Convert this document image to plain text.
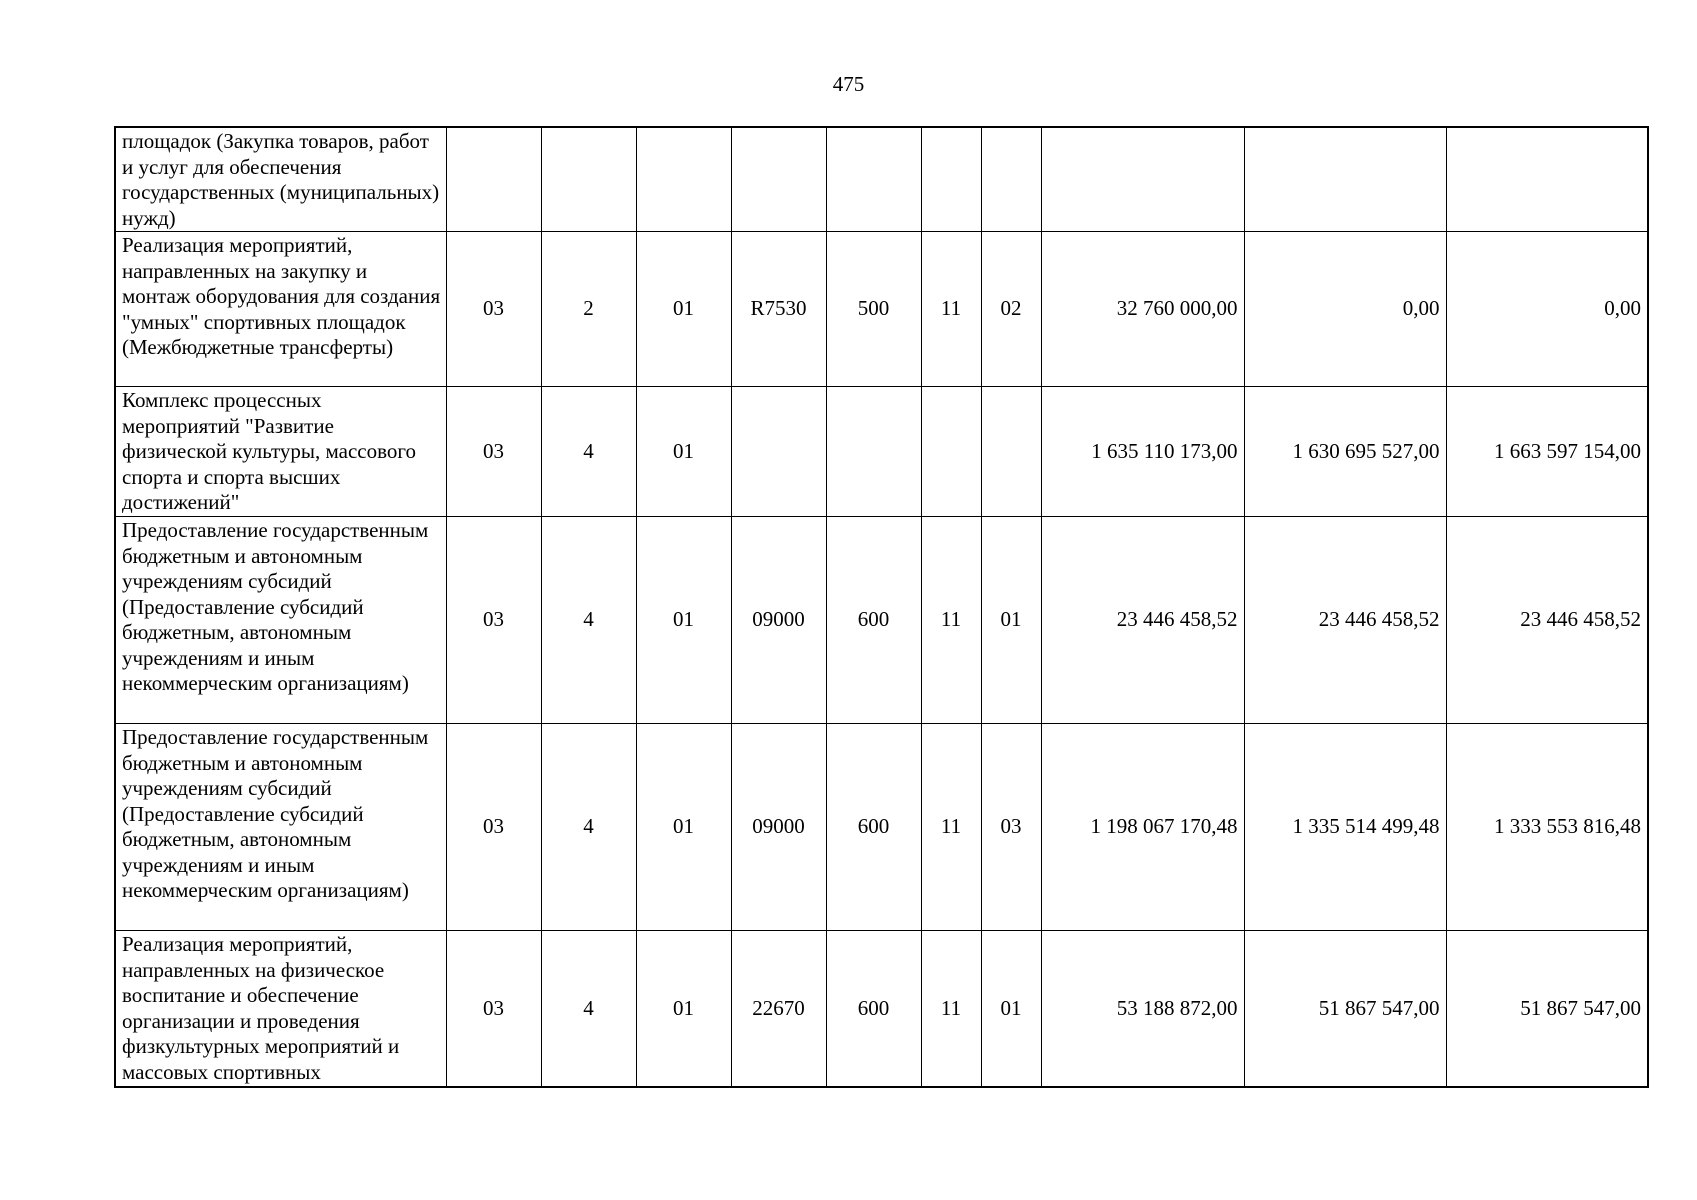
475
площадок (Закупка товаров, работ и услуг для обеспечения государственных (муниципальных) нужд)										
Реализация мероприятий, направленных на закупку и монтаж оборудования для создания "умных" спортивных площадок (Межбюджетные трансферты)	03	2	01	R7530	500	11	02	32 760 000,00	0,00	0,00
Комплекс процессных мероприятий "Развитие физической культуры, массового спорта и спорта высших достижений"	03	4	01					1 635 110 173,00	1 630 695 527,00	1 663 597 154,00
Предоставление государственным бюджетным и автономным учреждениям субсидий (Предоставление субсидий бюджетным, автономным учреждениям и иным некоммерческим организациям)	03	4	01	09000	600	11	01	23 446 458,52	23 446 458,52	23 446 458,52
Предоставление государственным бюджетным и автономным учреждениям субсидий (Предоставление субсидий бюджетным, автономным учреждениям и иным некоммерческим организациям)	03	4	01	09000	600	11	03	1 198 067 170,48	1 335 514 499,48	1 333 553 816,48
Реализация мероприятий, направленных на физическое воспитание и обеспечение организации и проведения физкультурных мероприятий и массовых спортивных	03	4	01	22670	600	11	01	53 188 872,00	51 867 547,00	51 867 547,00
